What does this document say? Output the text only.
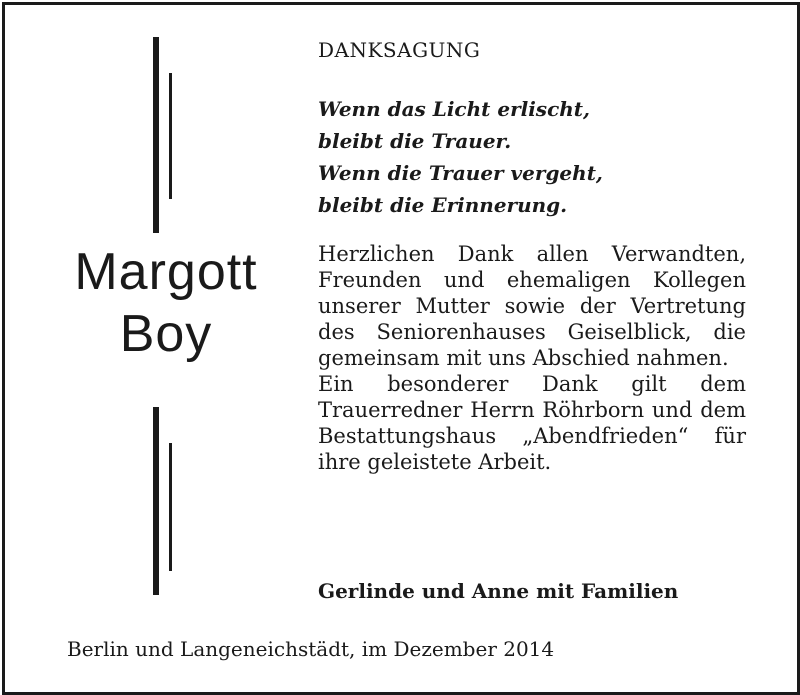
Margott
Boy
DANKSAGUNG
Wenn das Licht erlischt,
bleibt die Trauer.
Wenn die Trauer vergeht,
bleibt die Erinnerung.
Herzlichen Dank allen Verwandten, Freunden und ehemaligen Kollegen unserer Mutter sowie der Vertretung des Seniorenhauses Geiselblick, die gemeinsam mit uns Abschied nahmen.
Ein besonderer Dank gilt dem Trauerredner Herrn Röhrborn und dem Bestattungshaus „Abendfrieden“ für ihre geleistete Arbeit.
Gerlinde und Anne mit Familien
Berlin und Langeneichstädt, im Dezember 2014
